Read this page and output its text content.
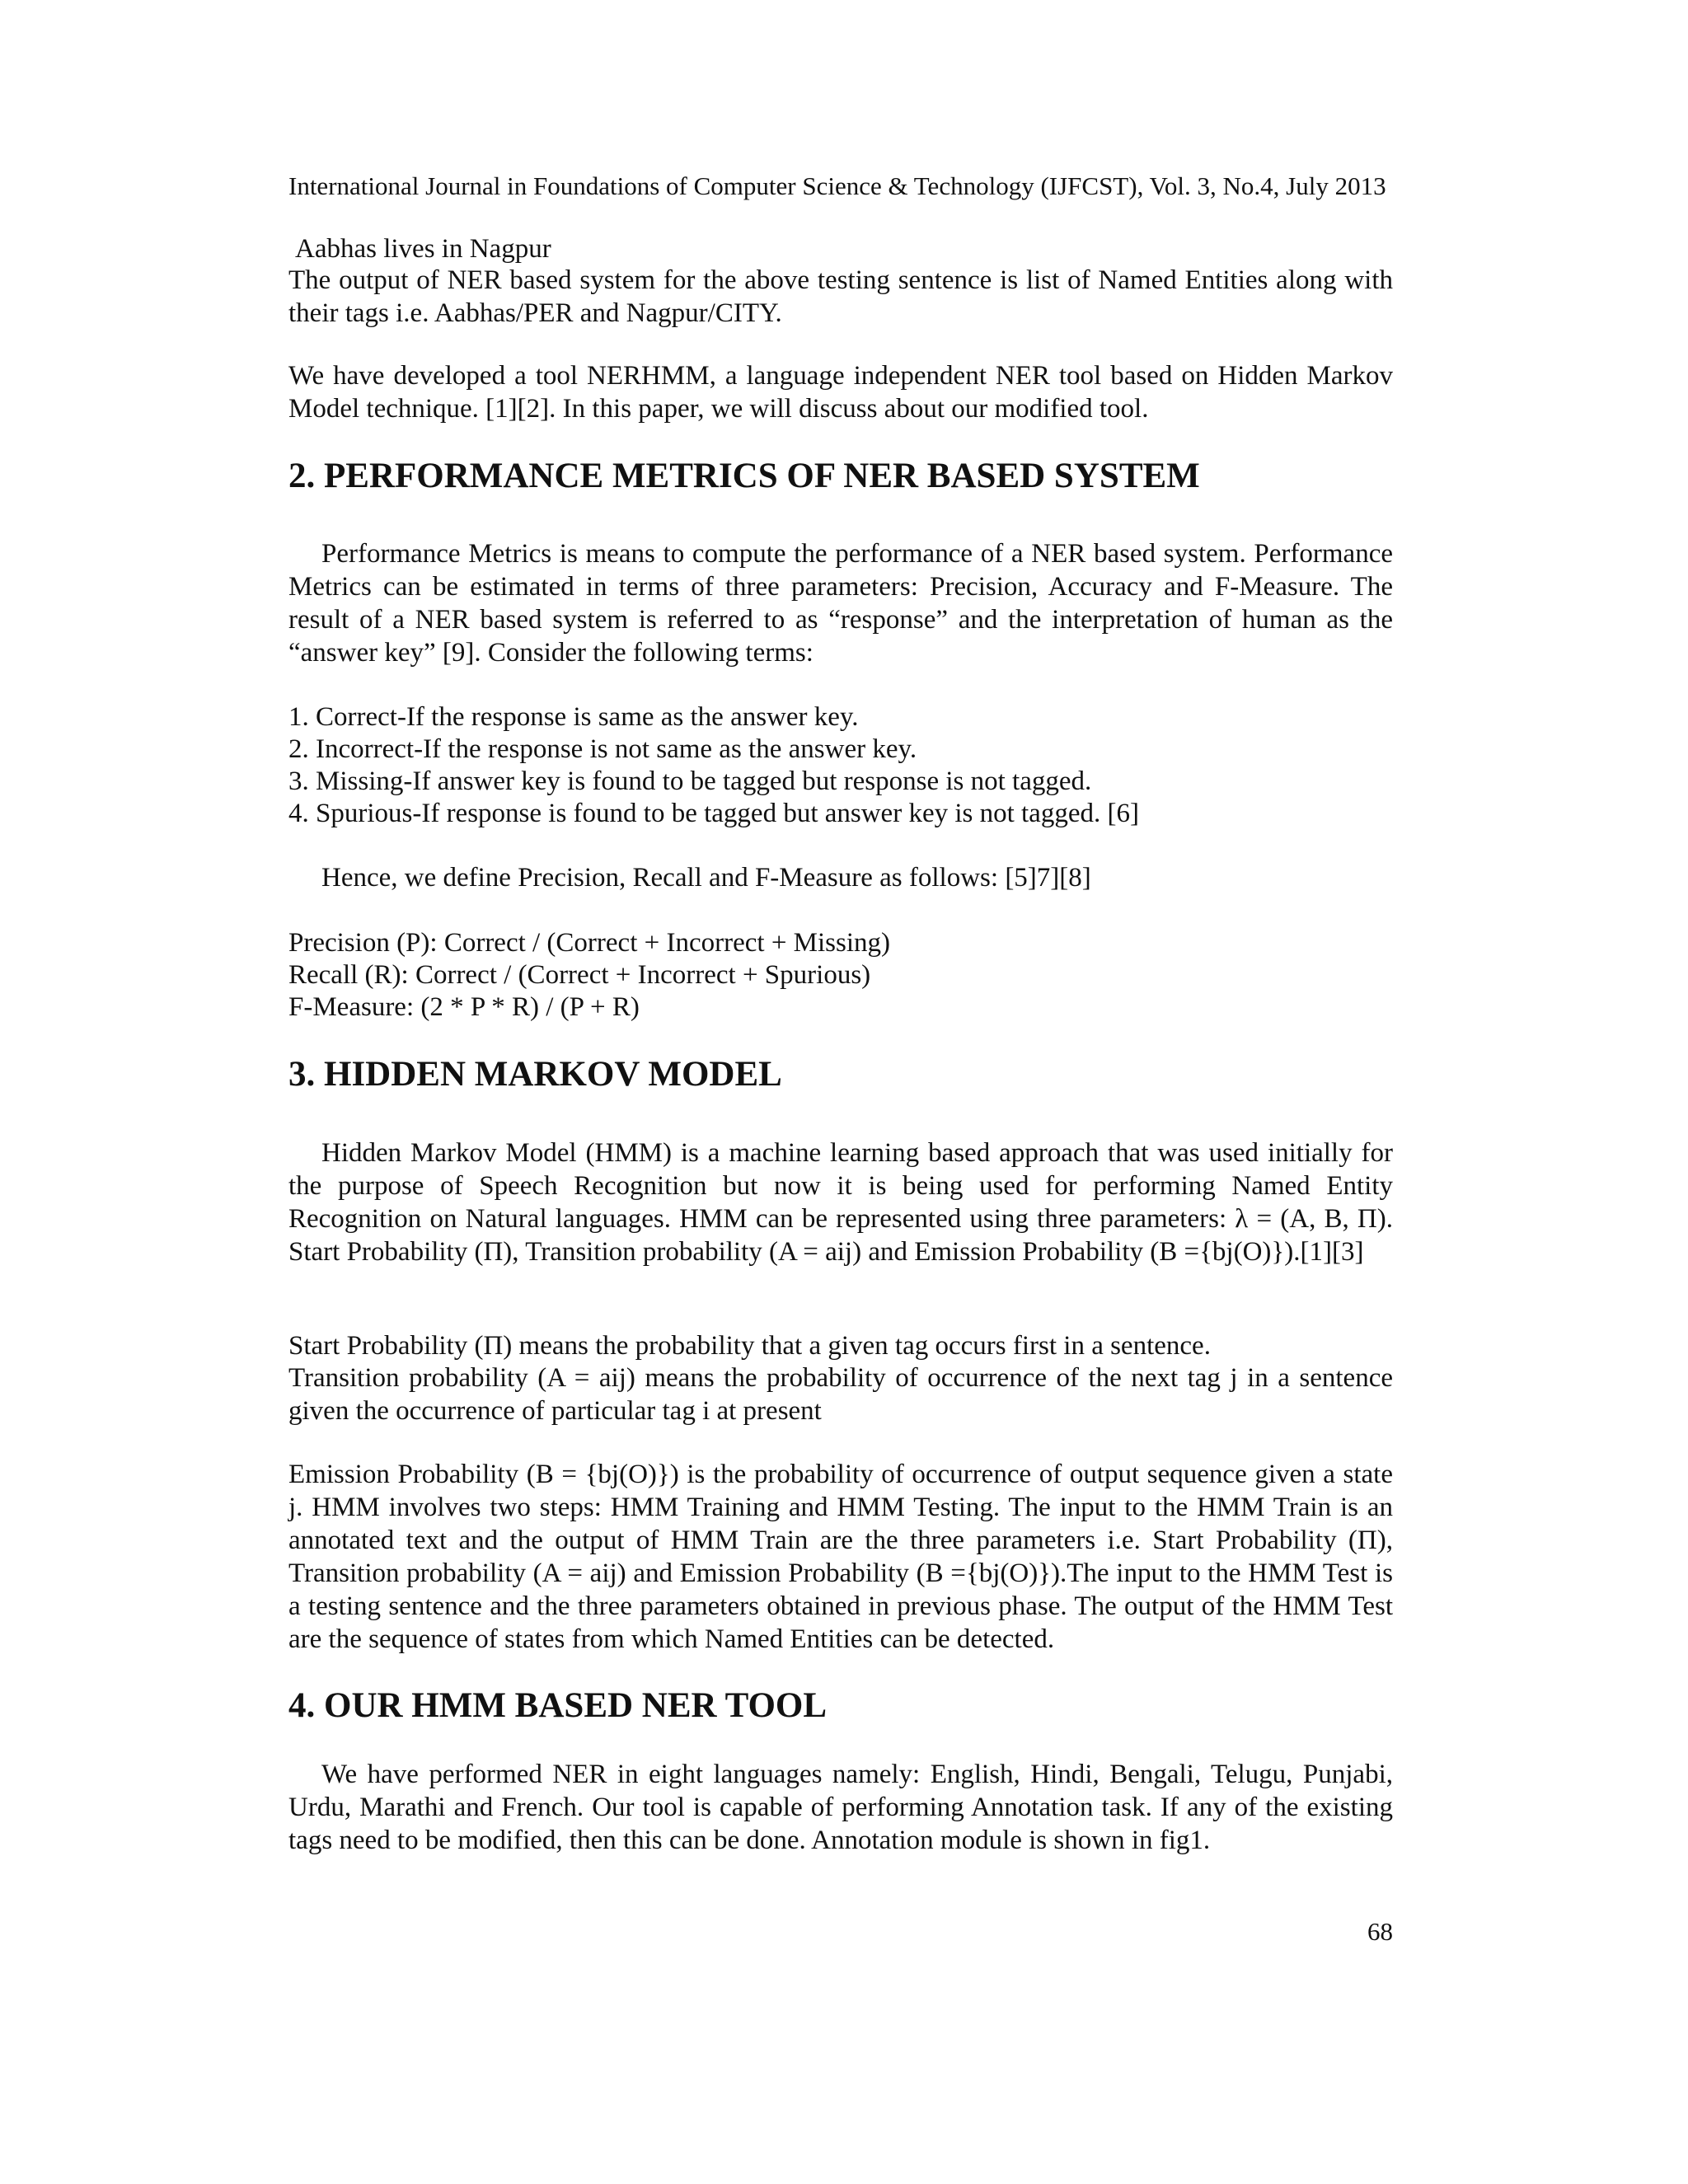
International Journal in Foundations of Computer Science & Technology (IJFCST), Vol. 3, No.4, July 2013
Aabhas lives in Nagpur
The output of NER based system for the above testing sentence is list of Named Entities along with their tags i.e. Aabhas/PER and Nagpur/CITY.
We have developed a tool NERHMM, a language independent NER tool based on Hidden Markov Model technique. [1][2]. In this paper, we will discuss about our modified tool.
2. PERFORMANCE METRICS OF NER BASED SYSTEM
Performance Metrics is means to compute the performance of a NER based system. Performance Metrics can be estimated in terms of three parameters: Precision, Accuracy and F-Measure. The result of a NER based system is referred to as “response” and the interpretation of human as the “answer key” [9]. Consider the following terms:
1. Correct-If the response is same as the answer key.
2. Incorrect-If the response is not same as the answer key.
3. Missing-If answer key is found to be tagged but response is not tagged.
4. Spurious-If response is found to be tagged but answer key is not tagged. [6]
Hence, we define Precision, Recall and F-Measure as follows: [5]7][8]
Precision (P): Correct / (Correct + Incorrect + Missing)
Recall (R): Correct / (Correct + Incorrect + Spurious)
F-Measure: (2 * P * R) / (P + R)
3. HIDDEN MARKOV MODEL
Hidden Markov Model (HMM) is a machine learning based approach that was used initially for the purpose of Speech Recognition but now it is being used for performing Named Entity Recognition on Natural languages. HMM can be represented using three parameters: λ = (A, B, Π). Start Probability (Π), Transition probability (A = aij) and Emission Probability (B ={bj(O)}).[1][3]
Start Probability (Π) means the probability that a given tag occurs first in a sentence.
Transition probability (A = aij) means the probability of occurrence of the next tag j in a sentence given the occurrence of particular tag i at present
Emission Probability (B = {bj(O)}) is the probability of occurrence of output sequence given a state j. HMM involves two steps: HMM Training and HMM Testing. The input to the HMM Train is an annotated text and the output of HMM Train are the three parameters i.e. Start Probability (Π), Transition probability (A = aij) and Emission Probability (B ={bj(O)}).The input to the HMM Test is a testing sentence and the three parameters obtained in previous phase. The output of the HMM Test are the sequence of states from which Named Entities can be detected.
4. OUR HMM BASED NER TOOL
We have performed NER in eight languages namely: English, Hindi, Bengali, Telugu, Punjabi, Urdu, Marathi and French. Our tool is capable of performing Annotation task. If any of the existing tags need to be modified, then this can be done. Annotation module is shown in fig1.
68
